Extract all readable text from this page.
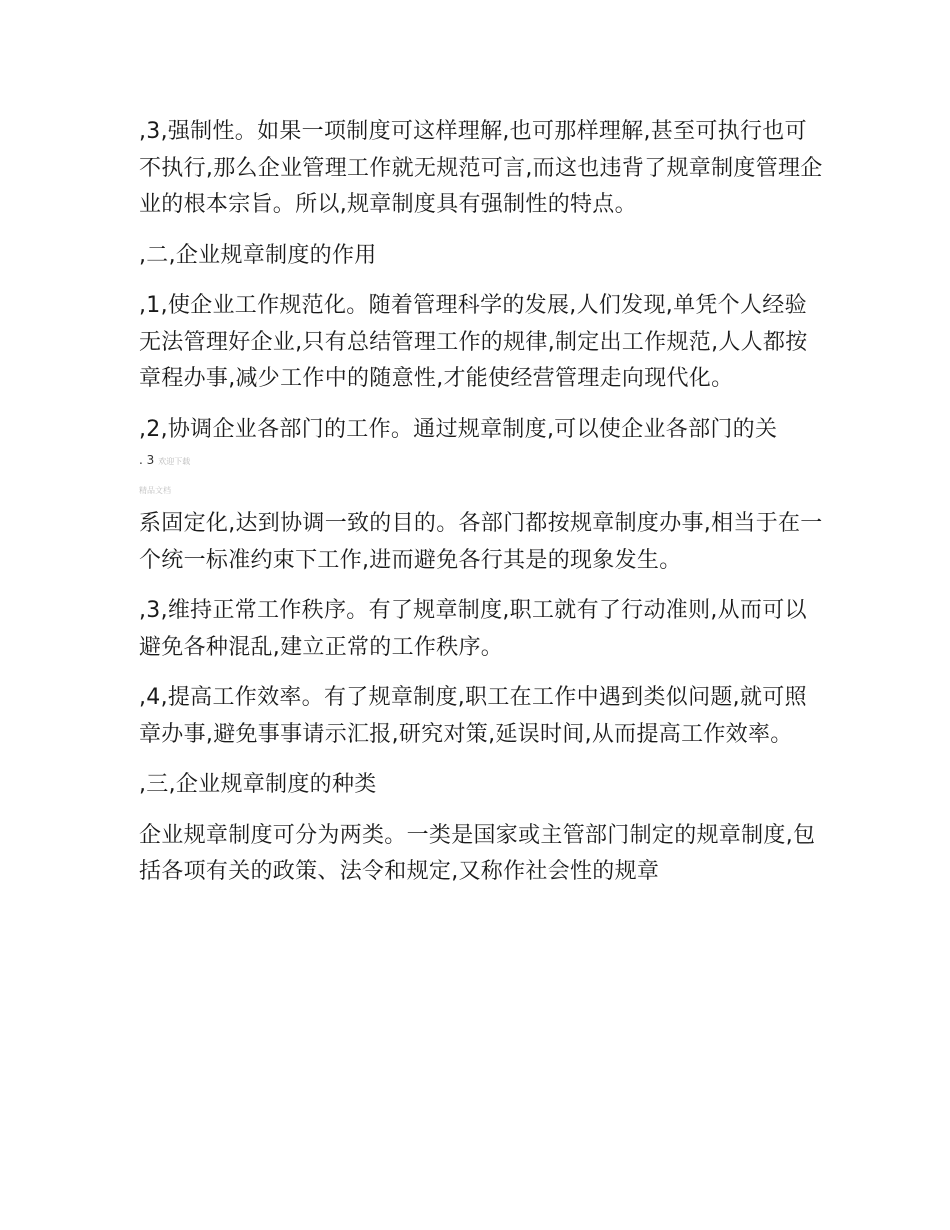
,3,强制性。如果一项制度可这样理解,也可那样理解,甚至可执行也可不执行,那么企业管理工作就无规范可言,而这也违背了规章制度管理企业的根本宗旨。所以,规章制度具有强制性的特点。

,二,企业规章制度的作用

,1,使企业工作规范化。随着管理科学的发展,人们发现,单凭个人经验无法管理好企业,只有总结管理工作的规律,制定出工作规范,人人都按章程办事,减少工作中的随意性,才能使经营管理走向现代化。

,2,协调企业各部门的工作。通过规章制度,可以使企业各部门的关

. 3 欢迎下载
精品文档

系固定化,达到协调一致的目的。各部门都按规章制度办事,相当于在一个统一标准约束下工作,进而避免各行其是的现象发生。

,3,维持正常工作秩序。有了规章制度,职工就有了行动准则,从而可以避免各种混乱,建立正常的工作秩序。

,4,提高工作效率。有了规章制度,职工在工作中遇到类似问题,就可照章办事,避免事事请示汇报,研究对策,延误时间,从而提高工作效率。

,三,企业规章制度的种类

企业规章制度可分为两类。一类是国家或主管部门制定的规章制度,包括各项有关的政策、法令和规定,又称作社会性的规章
